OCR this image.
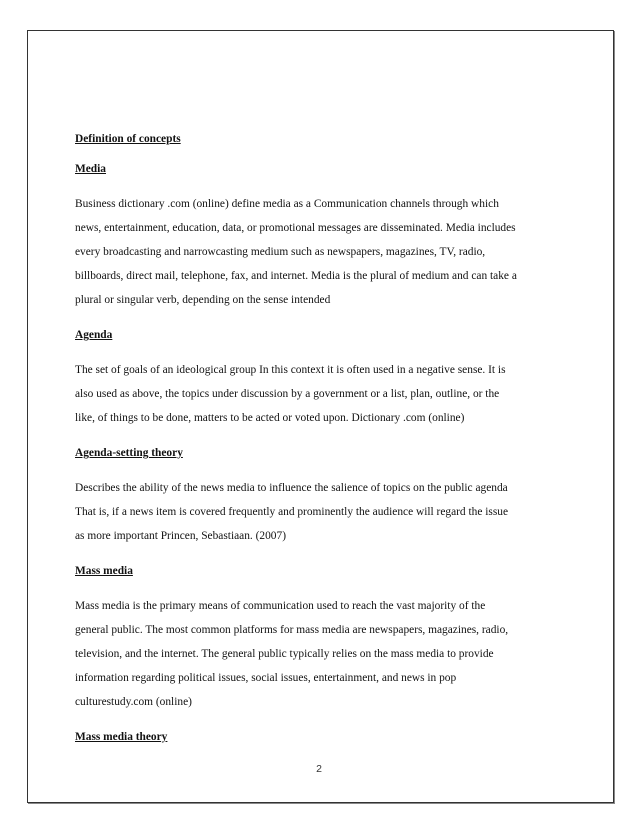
Definition of concepts
Media
Business dictionary .com (online) define media as a Communication channels through which
news, entertainment, education, data, or promotional messages are disseminated. Media includes
every broadcasting and narrowcasting medium such as newspapers, magazines, TV, radio,
billboards, direct mail, telephone, fax, and internet. Media is the plural of medium and can take a
plural or singular verb, depending on the sense intended
Agenda
The set of goals of an ideological group In this context it is often used in a negative sense. It is
also used as above, the topics under discussion by a government or a list, plan, outline, or the
like, of things to be done, matters to be acted or voted upon. Dictionary .com (online)
Agenda-setting theory
Describes the ability of the news media to influence the salience of topics on the public agenda
That is, if a news item is covered frequently and prominently the audience will regard the issue
as more important Princen, Sebastiaan. (2007)
Mass media
Mass media is the primary means of communication used to reach the vast majority of the
general public. The most common platforms for mass media are newspapers, magazines, radio,
television, and the internet. The general public typically relies on the mass media to provide
information regarding political issues, social issues, entertainment, and news in pop
culturestudy.com (online)
Mass media theory
2
